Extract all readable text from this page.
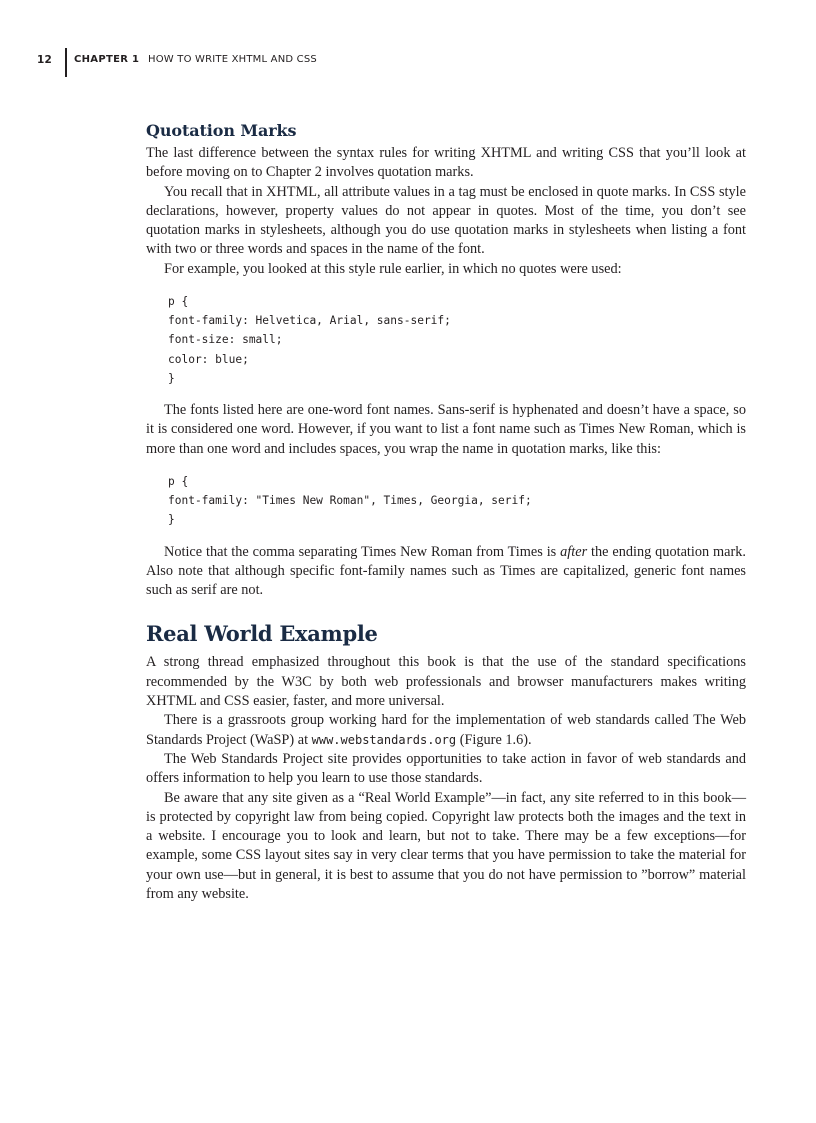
12 CHAPTER 1 HOW TO WRITE XHTML AND CSS
Quotation Marks

The last difference between the syntax rules for writing XHTML and writing CSS that you’ll look at before moving on to Chapter 2 involves quotation marks.

You recall that in XHTML, all attribute values in a tag must be enclosed in quote marks. In CSS style declarations, however, property values do not appear in quotes. Most of the time, you don’t see quotation marks in stylesheets, although you do use quotation marks in stylesheets when listing a font with two or three words and spaces in the name of the font.

For example, you looked at this style rule earlier, in which no quotes were used:

p {
font-family: Helvetica, Arial, sans-serif;
font-size: small;
color: blue;
}

The fonts listed here are one-word font names. Sans-serif is hyphenated and doesn’t have a space, so it is considered one word. However, if you want to list a font name such as Times New Roman, which is more than one word and includes spaces, you wrap the name in quotation marks, like this:

p {
font-family: "Times New Roman", Times, Georgia, serif;
}

Notice that the comma separating Times New Roman from Times is after the ending quotation mark. Also note that although specific font-family names such as Times are capitalized, generic font names such as serif are not.

Real World Example

A strong thread emphasized throughout this book is that the use of the standard specifications recommended by the W3C by both web professionals and browser manufacturers makes writing XHTML and CSS easier, faster, and more universal.

There is a grassroots group working hard for the implementation of web standards called The Web Standards Project (WaSP) at www.webstandards.org (Figure 1.6).

The Web Standards Project site provides opportunities to take action in favor of web standards and offers information to help you learn to use those standards.

Be aware that any site given as a “Real World Example”—in fact, any site referred to in this book—is protected by copyright law from being copied. Copyright law protects both the images and the text in a website. I encourage you to look and learn, but not to take. There may be a few exceptions—for example, some CSS layout sites say in very clear terms that you have permission to take the material for your own use—but in general, it is best to assume that you do not have permission to ”borrow” material from any website.
